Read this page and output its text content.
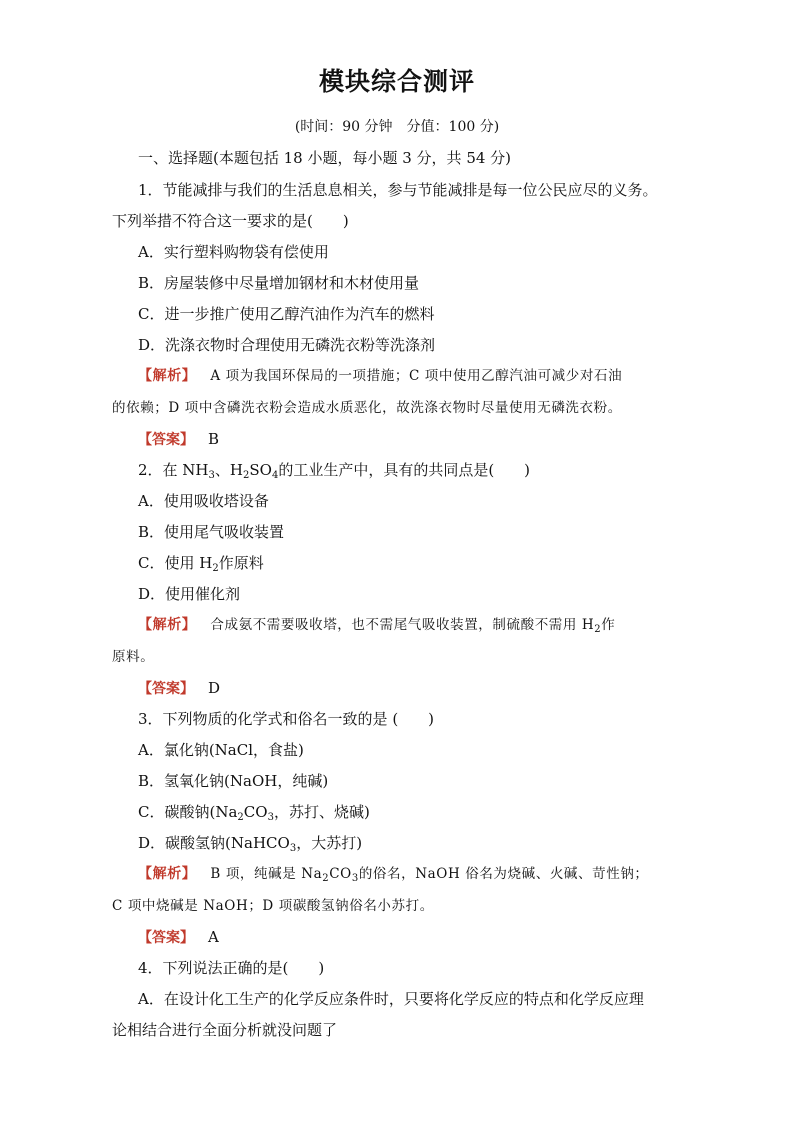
模块综合测评
(时间：90 分钟　分值：100 分)
一、选择题(本题包括 18 小题，每小题 3 分，共 54 分)
1．节能减排与我们的生活息息相关，参与节能减排是每一位公民应尽的义务。
下列举措不符合这一要求的是(　　)
A．实行塑料购物袋有偿使用
B．房屋装修中尽量增加钢材和木材使用量
C．进一步推广使用乙醇汽油作为汽车的燃料
D．洗涤衣物时合理使用无磷洗衣粉等洗涤剂
【解析】 A 项为我国环保局的一项措施；C 项中使用乙醇汽油可减少对石油
的依赖；D 项中含磷洗衣粉会造成水质恶化，故洗涤衣物时尽量使用无磷洗衣粉。
【答案】 B
2．在 $NH_3$、$H_2SO_4$的工业生产中，具有的共同点是(　　)
A．使用吸收塔设备
B．使用尾气吸收装置
C．使用 $H_2$作原料
D．使用催化剂
【解析】 合成氨不需要吸收塔，也不需尾气吸收装置，制硫酸不需用 $H_2$作
原料。
【答案】 D
3．下列物质的化学式和俗名一致的是 (　　)
A．氯化钠(NaCl，食盐)
B．氢氧化钠(NaOH，纯碱)
C．碳酸钠($Na_2CO_3$，苏打、烧碱)
D．碳酸氢钠(NaHCO$_3$，大苏打)
【解析】 B 项，纯碱是 $Na_2CO_3$的俗名，NaOH 俗名为烧碱、火碱、苛性钠；
C 项中烧碱是 NaOH；D 项碳酸氢钠俗名小苏打。
【答案】 A
4．下列说法正确的是(　　)
A．在设计化工生产的化学反应条件时，只要将化学反应的特点和化学反应理
论相结合进行全面分析就没问题了
